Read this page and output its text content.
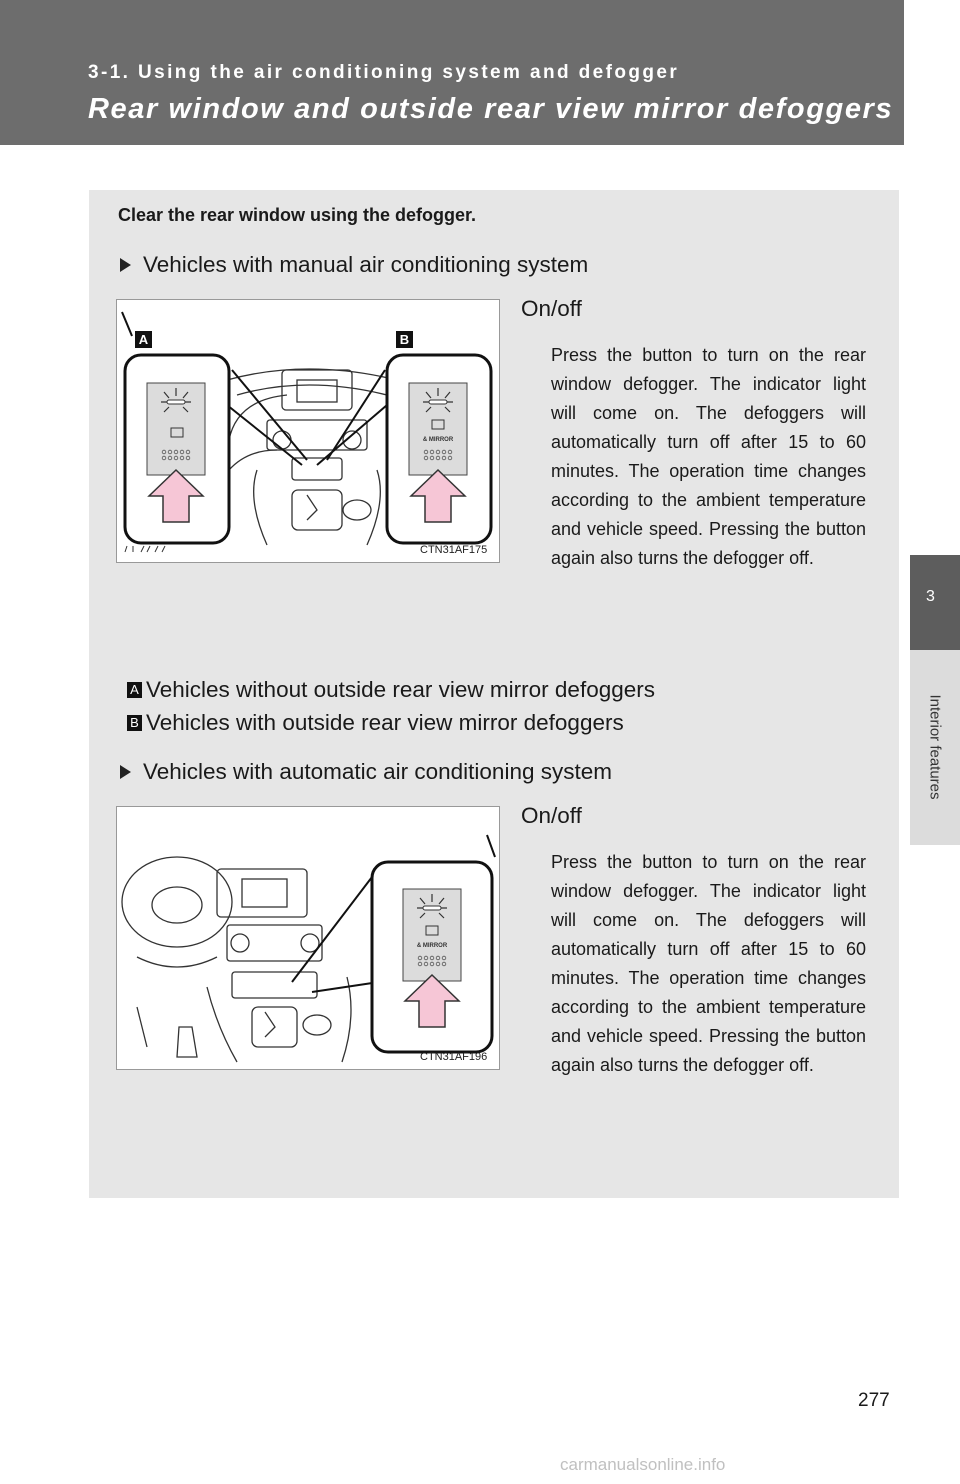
3-1. Using the air conditioning system and defogger
Rear window and outside rear view mirror defoggers
3
Interior features
Clear the rear window using the defogger.
Vehicles with manual air conditioning system
A	B
& MIRROR
CTN31AF175
On/off
Press the button to turn on the rear window defogger. The indicator light will come on. The defoggers will automatically turn off after 15 to 60 minutes. The operation time changes according to the ambient temperature and vehicle speed. Pressing the button again also turns the defogger off.
A Vehicles without outside rear view mirror defoggers
B Vehicles with outside rear view mirror defoggers
Vehicles with automatic air conditioning system
& MIRROR
CTN31AF196
On/off
Press the button to turn on the rear window defogger. The indicator light will come on. The defoggers will automatically turn off after 15 to 60 minutes. The operation time changes according to the ambient temperature and vehicle speed. Pressing the button again also turns the defogger off.
277
carmanualsonline.info
